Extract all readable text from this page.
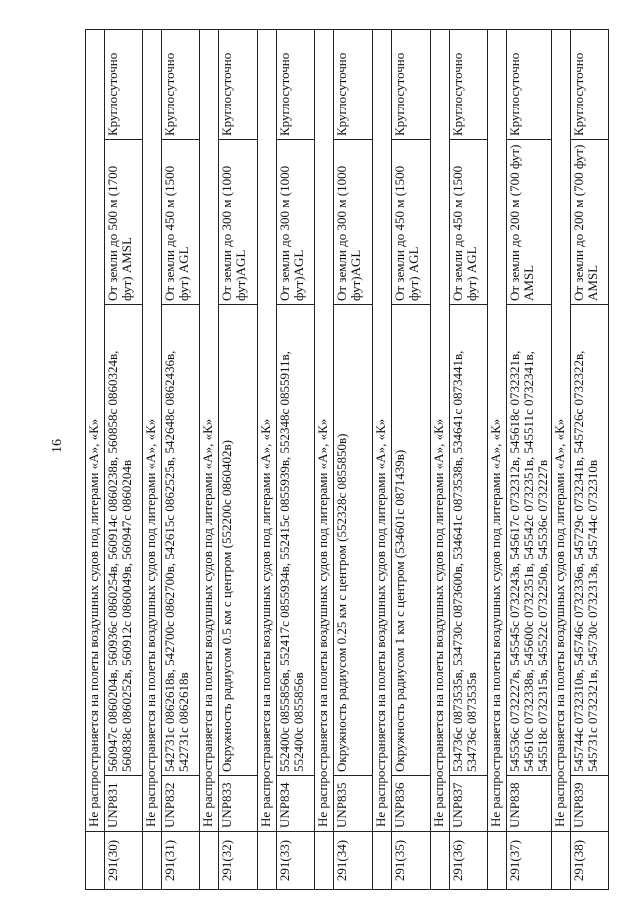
16
	Не распространяется на полеты воздушных судов под литерами «А», «К»			
291(30)	UNP831	560947с 0860204в, 560936с 0860254в, 560914с 0860238в, 560858с 0860324в, 560838с 0860252в, 560912с 0860049в, 560947с 0860204в	От земли до 500 м (1700 фут) AMSL	Круглосуточно
	Не распространяется на полеты воздушных судов под литерами «А», «К»			
291(31)	UNP832	542731с 0862618в, 542700с 0862700в, 542615с 0862525в, 542648с 0862436в, 542731с 0862618в	От земли до 450 м (1500 фут) AGL	Круглосуточно
	Не распространяется на полеты воздушных судов под литерами «А», «К»			
291(32)	UNP833	Окружность радиусом 0.5 км с центром (552200с 0860402в)	От земли до 300 м (1000 фут)AGL	Круглосуточно
	Не распространяется на полеты воздушных судов под литерами «А», «К»			
291(33)	UNP834	552400с 0855856в, 552417с 0855934в, 552415с 0855939в, 552348с 0855911в, 552400с 0855856в	От земли до 300 м (1000 фут)AGL	Круглосуточно
	Не распространяется на полеты воздушных судов под литерами «А», «К»			
291(34)	UNP835	Окружность радиусом 0.25 км с центром (552328с 0855850в)	От земли до 300 м (1000 фут)AGL	Круглосуточно
	Не распространяется на полеты воздушных судов под литерами «А», «К»			
291(35)	UNP836	Окружность радиусом 1 км с центром (534601с 0871439в)	От земли до 450 м (1500 фут) AGL	Круглосуточно
	Не распространяется на полеты воздушных судов под литерами «А», «К»			
291(36)	UNP837	534736с 0873535в, 534730с 0873600в, 534641с 0873538в, 534641с 0873441в, 534736с 0873535в	От земли до 450 м (1500 фут) AGL	Круглосуточно
	Не распространяется на полеты воздушных судов под литерами «А», «К»			
291(37)	UNP838	545536с 0732227в, 545545с 0732243в, 545617с 0732312в, 545618с 0732321в, 545610с 0732338в, 545600с 0732351в, 545542с 0732351в, 545511с 0732341в, 545518с 0732315в, 545522с 0732250в, 545536с 0732227в	От земли до 200 м (700 фут) AMSL	Круглосуточно
	Не распространяется на полеты воздушных судов под литерами «А», «К»			
291(38)	UNP839	545744с 0732310в, 545746с 0732336в, 545729с 0732341в, 545726с 0732322в, 545731с 0732321в, 545730с 0732313в, 545744с 0732310в	От земли до 200 м (700 фут) AMSL	Круглосуточно
